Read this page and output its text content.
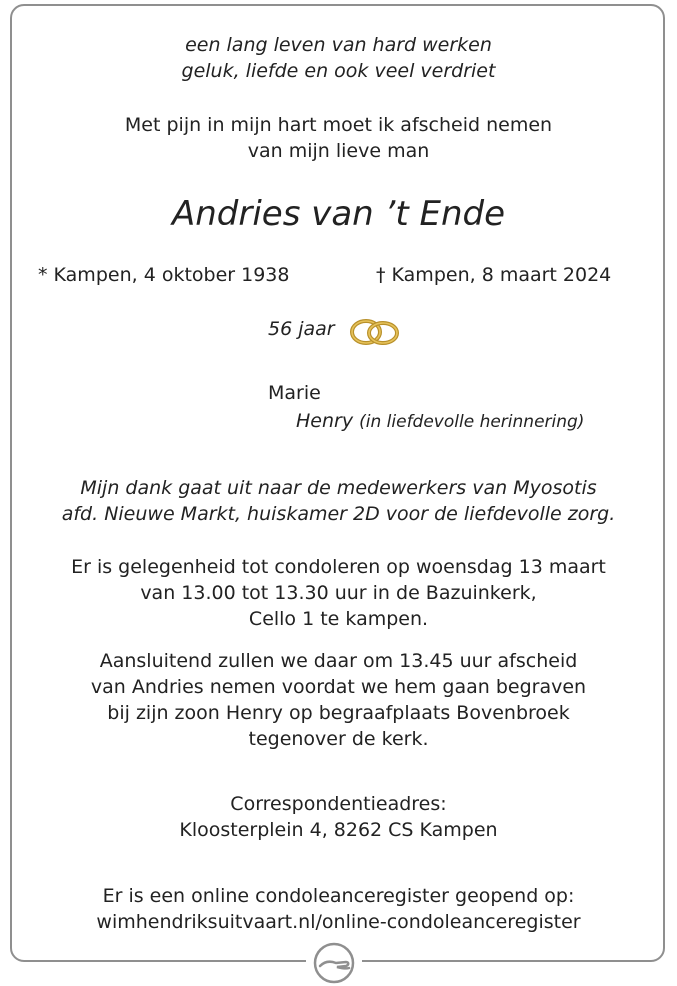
een lang leven van hard werken
geluk, liefde en ook veel verdriet
Met pijn in mijn hart moet ik afscheid nemen
van mijn lieve man
Andries van ’t Ende
* Kampen, 4 oktober 1938	† Kampen, 8 maart 2024
56 jaar
Marie
Henry (in liefdevolle herinnering)
Mijn dank gaat uit naar de medewerkers van Myosotis
afd. Nieuwe Markt, huiskamer 2D voor de liefdevolle zorg.
Er is gelegenheid tot condoleren op woensdag 13 maart
van 13.00 tot 13.30 uur in de Bazuinkerk,
Cello 1 te kampen.
Aansluitend zullen we daar om 13.45 uur afscheid
van Andries nemen voordat we hem gaan begraven
bij zijn zoon Henry op begraafplaats Bovenbroek
tegenover de kerk.
Correspondentieadres:
Kloosterplein 4, 8262 CS Kampen
Er is een online condoleanceregister geopend op:
wimhendriksuitvaart.nl/online-condoleanceregister
